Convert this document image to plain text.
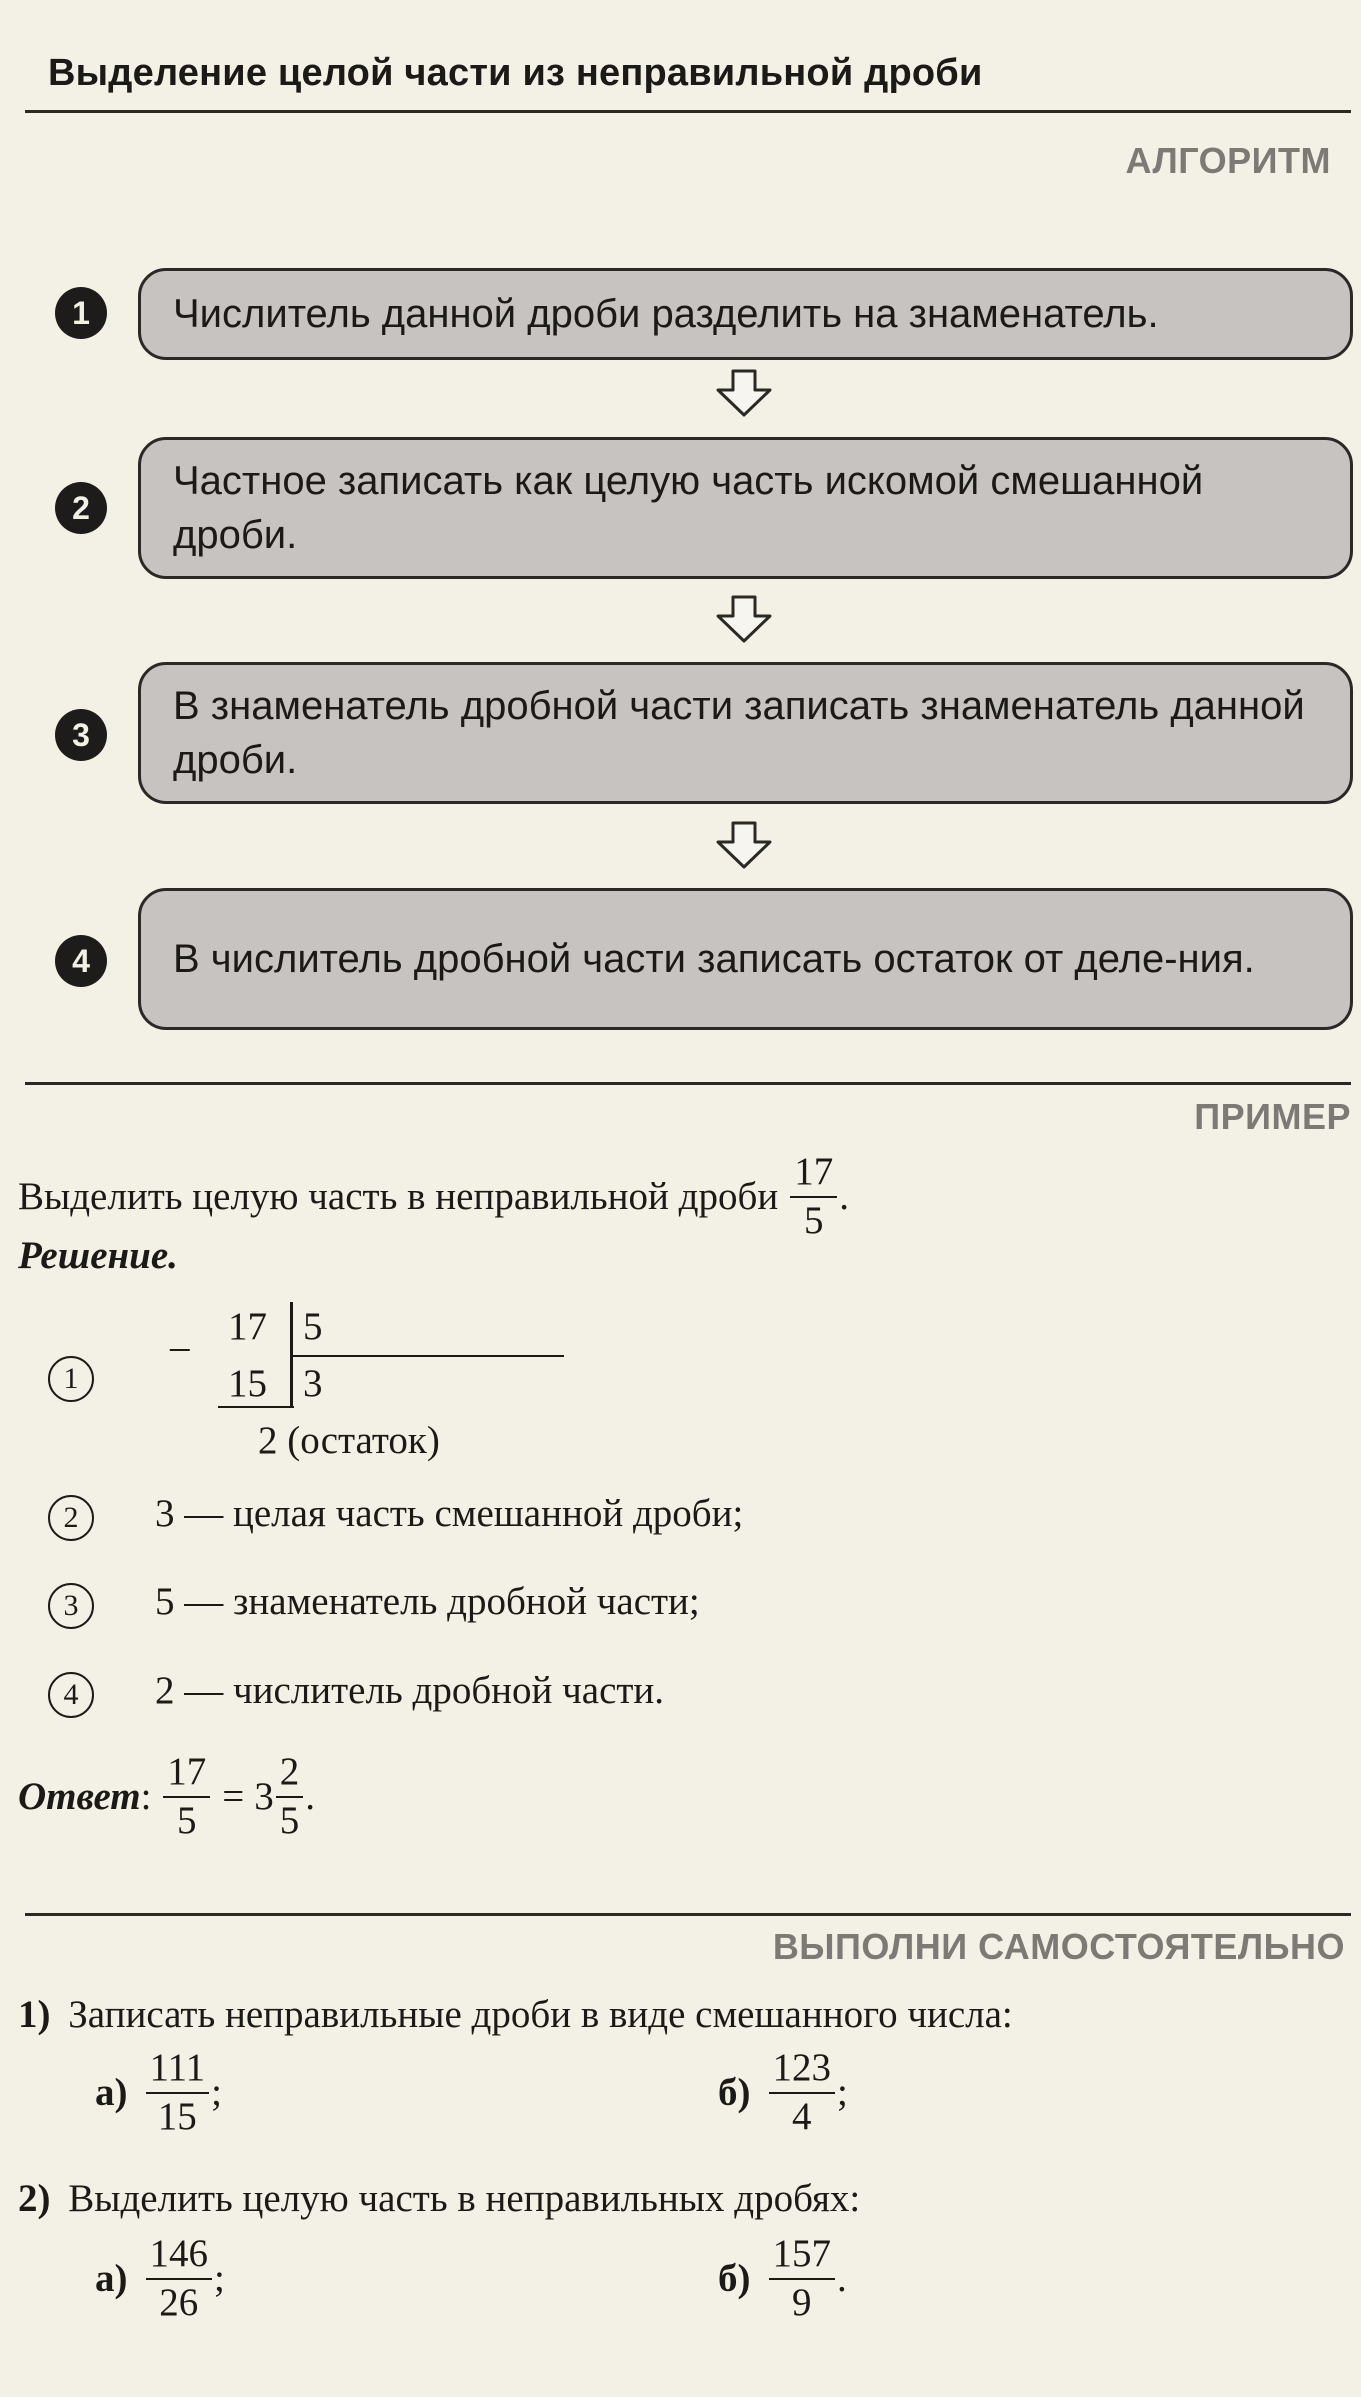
Выделение целой части из неправильной дроби
АЛГОРИТМ
1	Числитель данной дроби разделить на знаменатель.
2
Частное записать как целую часть искомой смешанной дроби.
3
В знаменатель дробной части записать знаменатель данной дроби.
4	В числитель дробной части записать остаток от деле-ния.
ПРИМЕР
Выделить целую часть в неправильной дроби $\frac{17}{5}$ .
Решение.
1
– 17
15
5
3
2 (остаток)
2	3 — целая часть смешанной дроби;
3	5 — знаменатель дробной части;
4	2 — числитель дробной части.
Ответ : $\frac{17}{5} = 3 \frac{2}{5}$ .
ВЫПОЛНИ САМОСТОЯТЕЛЬНО
1) Записать неправильные дроби в виде смешанного числа:
$а) \frac{111}{15}$ ;	$б) \frac{123}{4}$ ;
2) Выделить целую часть в неправильных дробях:
$а) \frac{146}{26}$ ;	$б) \frac{157}{9}$ .
